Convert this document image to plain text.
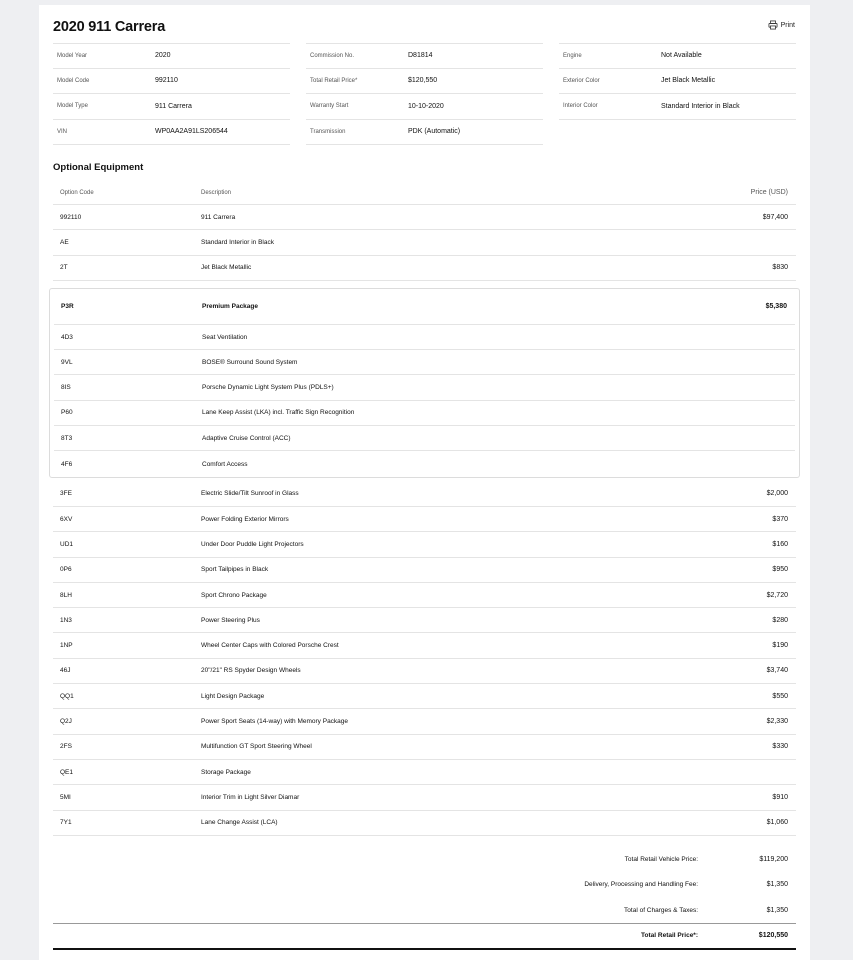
2020 911 Carrera	Print
Model Year	2020
Model Code	992110
Model Type	911 Carrera
VIN	WP0AA2A91LS206544
Commission No.	D81814
Total Retail Price*	$120,550
Warranty Start	10-10-2020
Transmission	PDK (Automatic)
Engine	Not Available
Exterior Color	Jet Black Metallic
Interior Color	Standard Interior in Black
Optional Equipment
Option Code	Description	Price (USD)
992110	911 Carrera	$97,400
AE	Standard Interior in Black
2T	Jet Black Metallic	$830
P3R	Premium Package	$5,380
4D3	Seat Ventilation
9VL	BOSE® Surround Sound System
8IS	Porsche Dynamic Light System Plus (PDLS+)
P60	Lane Keep Assist (LKA) incl. Traffic Sign Recognition
8T3	Adaptive Cruise Control (ACC)
4F6	Comfort Access
3FE	Electric Slide/Tilt Sunroof in Glass	$2,000
6XV	Power Folding Exterior Mirrors	$370
UD1	Under Door Puddle Light Projectors	$160
0P6	Sport Tailpipes in Black	$950
8LH	Sport Chrono Package	$2,720
1N3	Power Steering Plus	$280
1NP	Wheel Center Caps with Colored Porsche Crest	$190
46J	20"/21" RS Spyder Design Wheels	$3,740
QQ1	Light Design Package	$550
Q2J	Power Sport Seats (14-way) with Memory Package	$2,330
2FS	Multifunction GT Sport Steering Wheel	$330
QE1	Storage Package
5MI	Interior Trim in Light Silver Diamar	$910
7Y1	Lane Change Assist (LCA)	$1,060
Total Retail Vehicle Price:	$119,200
Delivery, Processing and Handling Fee:	$1,350
Total of Charges & Taxes:	$1,350
Total Retail Price*:	$120,550
